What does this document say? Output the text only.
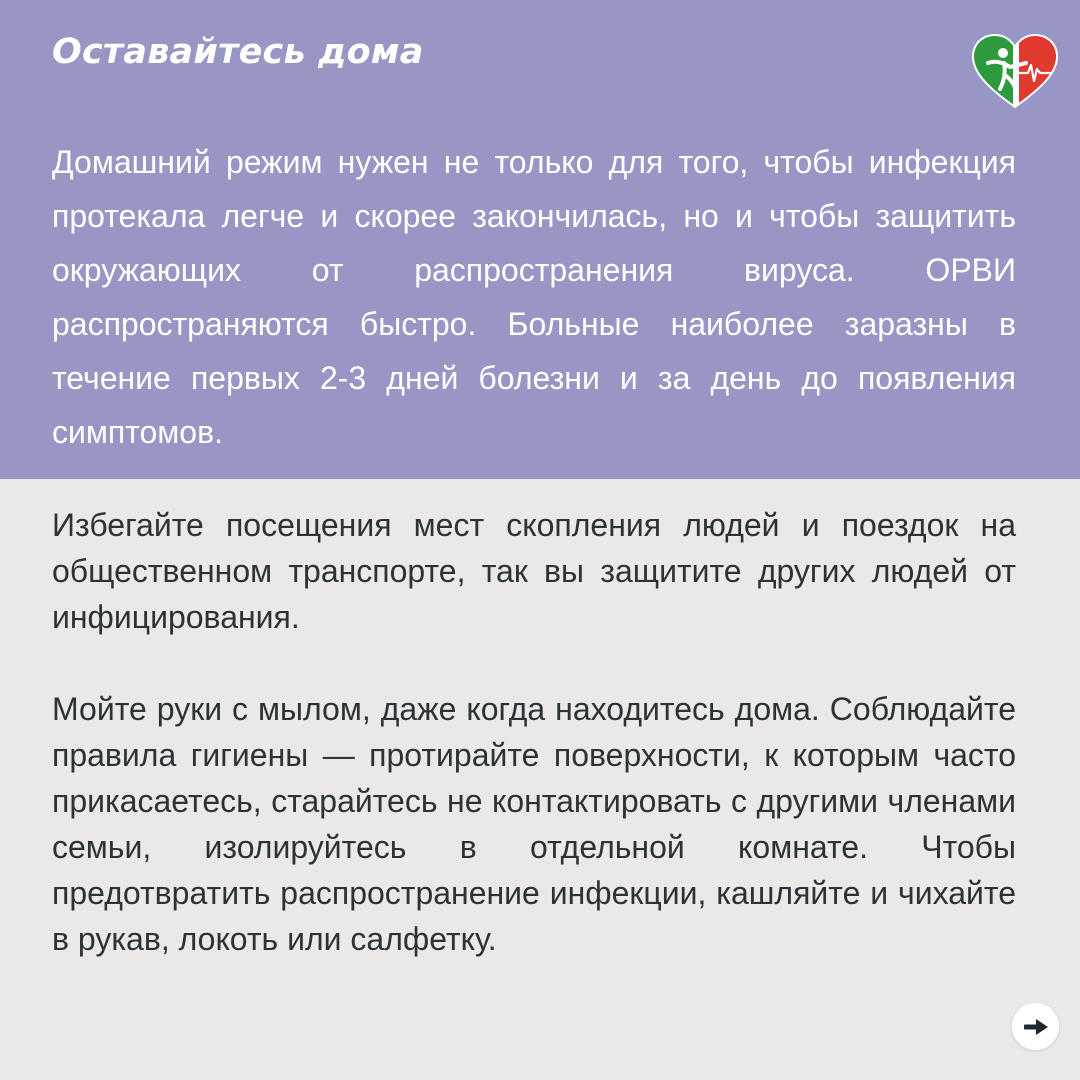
Оставайтесь дома

Домашний режим нужен не только для того, чтобы инфекция протекала легче и скорее закончилась, но и чтобы защитить окружающих от распространения вируса. ОРВИ распространяются быстро. Больные наиболее заразны в течение первых 2-3 дней болезни и за день до появления симптомов.

Избегайте посещения мест скопления людей и поездок на общественном транспорте, так вы защитите других людей от инфицирования.

Мойте руки с мылом, даже когда находитесь дома. Соблюдайте правила гигиены — протирайте поверхности, к которым часто прикасаетесь, старайтесь не контактировать с другими членами семьи, изолируйтесь в отдельной комнате. Чтобы предотвратить распространение инфекции, кашляйте и чихайте в рукав, локоть или салфетку.
